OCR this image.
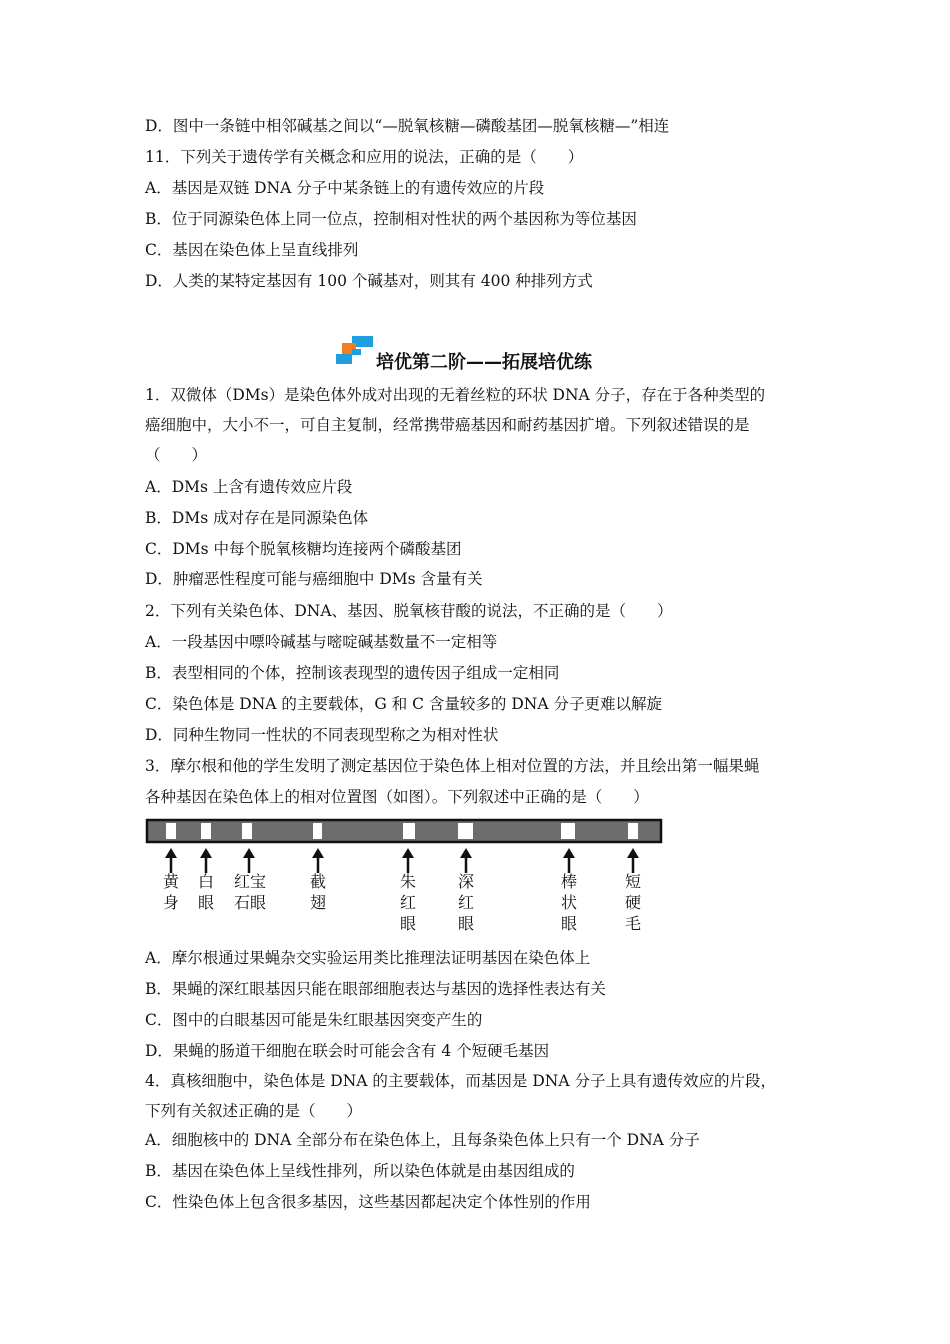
D．图中一条链中相邻碱基之间以“—脱氧核糖—磷酸基团—脱氧核糖—”相连
11．下列关于遗传学有关概念和应用的说法，正确的是（　　）
A．基因是双链 DNA 分子中某条链上的有遗传效应的片段
B．位于同源染色体上同一位点，控制相对性状的两个基因称为等位基因
C．基因在染色体上呈直线排列
D．人类的某特定基因有 100 个碱基对，则其有 400 种排列方式
培优第二阶——拓展培优练
1．双微体（DMs）是染色体外成对出现的无着丝粒的环状 DNA 分子，存在于各种类型的
癌细胞中，大小不一，可自主复制，经常携带癌基因和耐药基因扩增。下列叙述错误的是
（　　）
A．DMs 上含有遗传效应片段
B．DMs 成对存在是同源染色体
C．DMs 中每个脱氧核糖均连接两个磷酸基团
D．肿瘤恶性程度可能与癌细胞中 DMs 含量有关
2．下列有关染色体、DNA、基因、脱氧核苷酸的说法，不正确的是（　　）
A．一段基因中嘌呤碱基与嘧啶碱基数量不一定相等
B．表型相同的个体，控制该表现型的遗传因子组成一定相同
C．染色体是 DNA 的主要载体，G 和 C 含量较多的 DNA 分子更难以解旋
D．同种生物同一性状的不同表现型称之为相对性状
3．摩尔根和他的学生发明了测定基因位于染色体上相对位置的方法，并且绘出第一幅果蝇
各种基因在染色体上的相对位置图（如图）。下列叙述中正确的是（　　）
黄
身
白
眼
红宝
石眼
截
翅
朱
红
眼
深
红
眼
棒
状
眼
短
硬
毛
A．摩尔根通过果蝇杂交实验运用类比推理法证明基因在染色体上
B．果蝇的深红眼基因只能在眼部细胞表达与基因的选择性表达有关
C．图中的白眼基因可能是朱红眼基因突变产生的
D．果蝇的肠道干细胞在联会时可能会含有 4 个短硬毛基因
4．真核细胞中，染色体是 DNA 的主要载体，而基因是 DNA 分子上具有遗传效应的片段，
下列有关叙述正确的是（　　）
A．细胞核中的 DNA 全部分布在染色体上，且每条染色体上只有一个 DNA 分子
B．基因在染色体上呈线性排列，所以染色体就是由基因组成的
C．性染色体上包含很多基因，这些基因都起决定个体性别的作用
